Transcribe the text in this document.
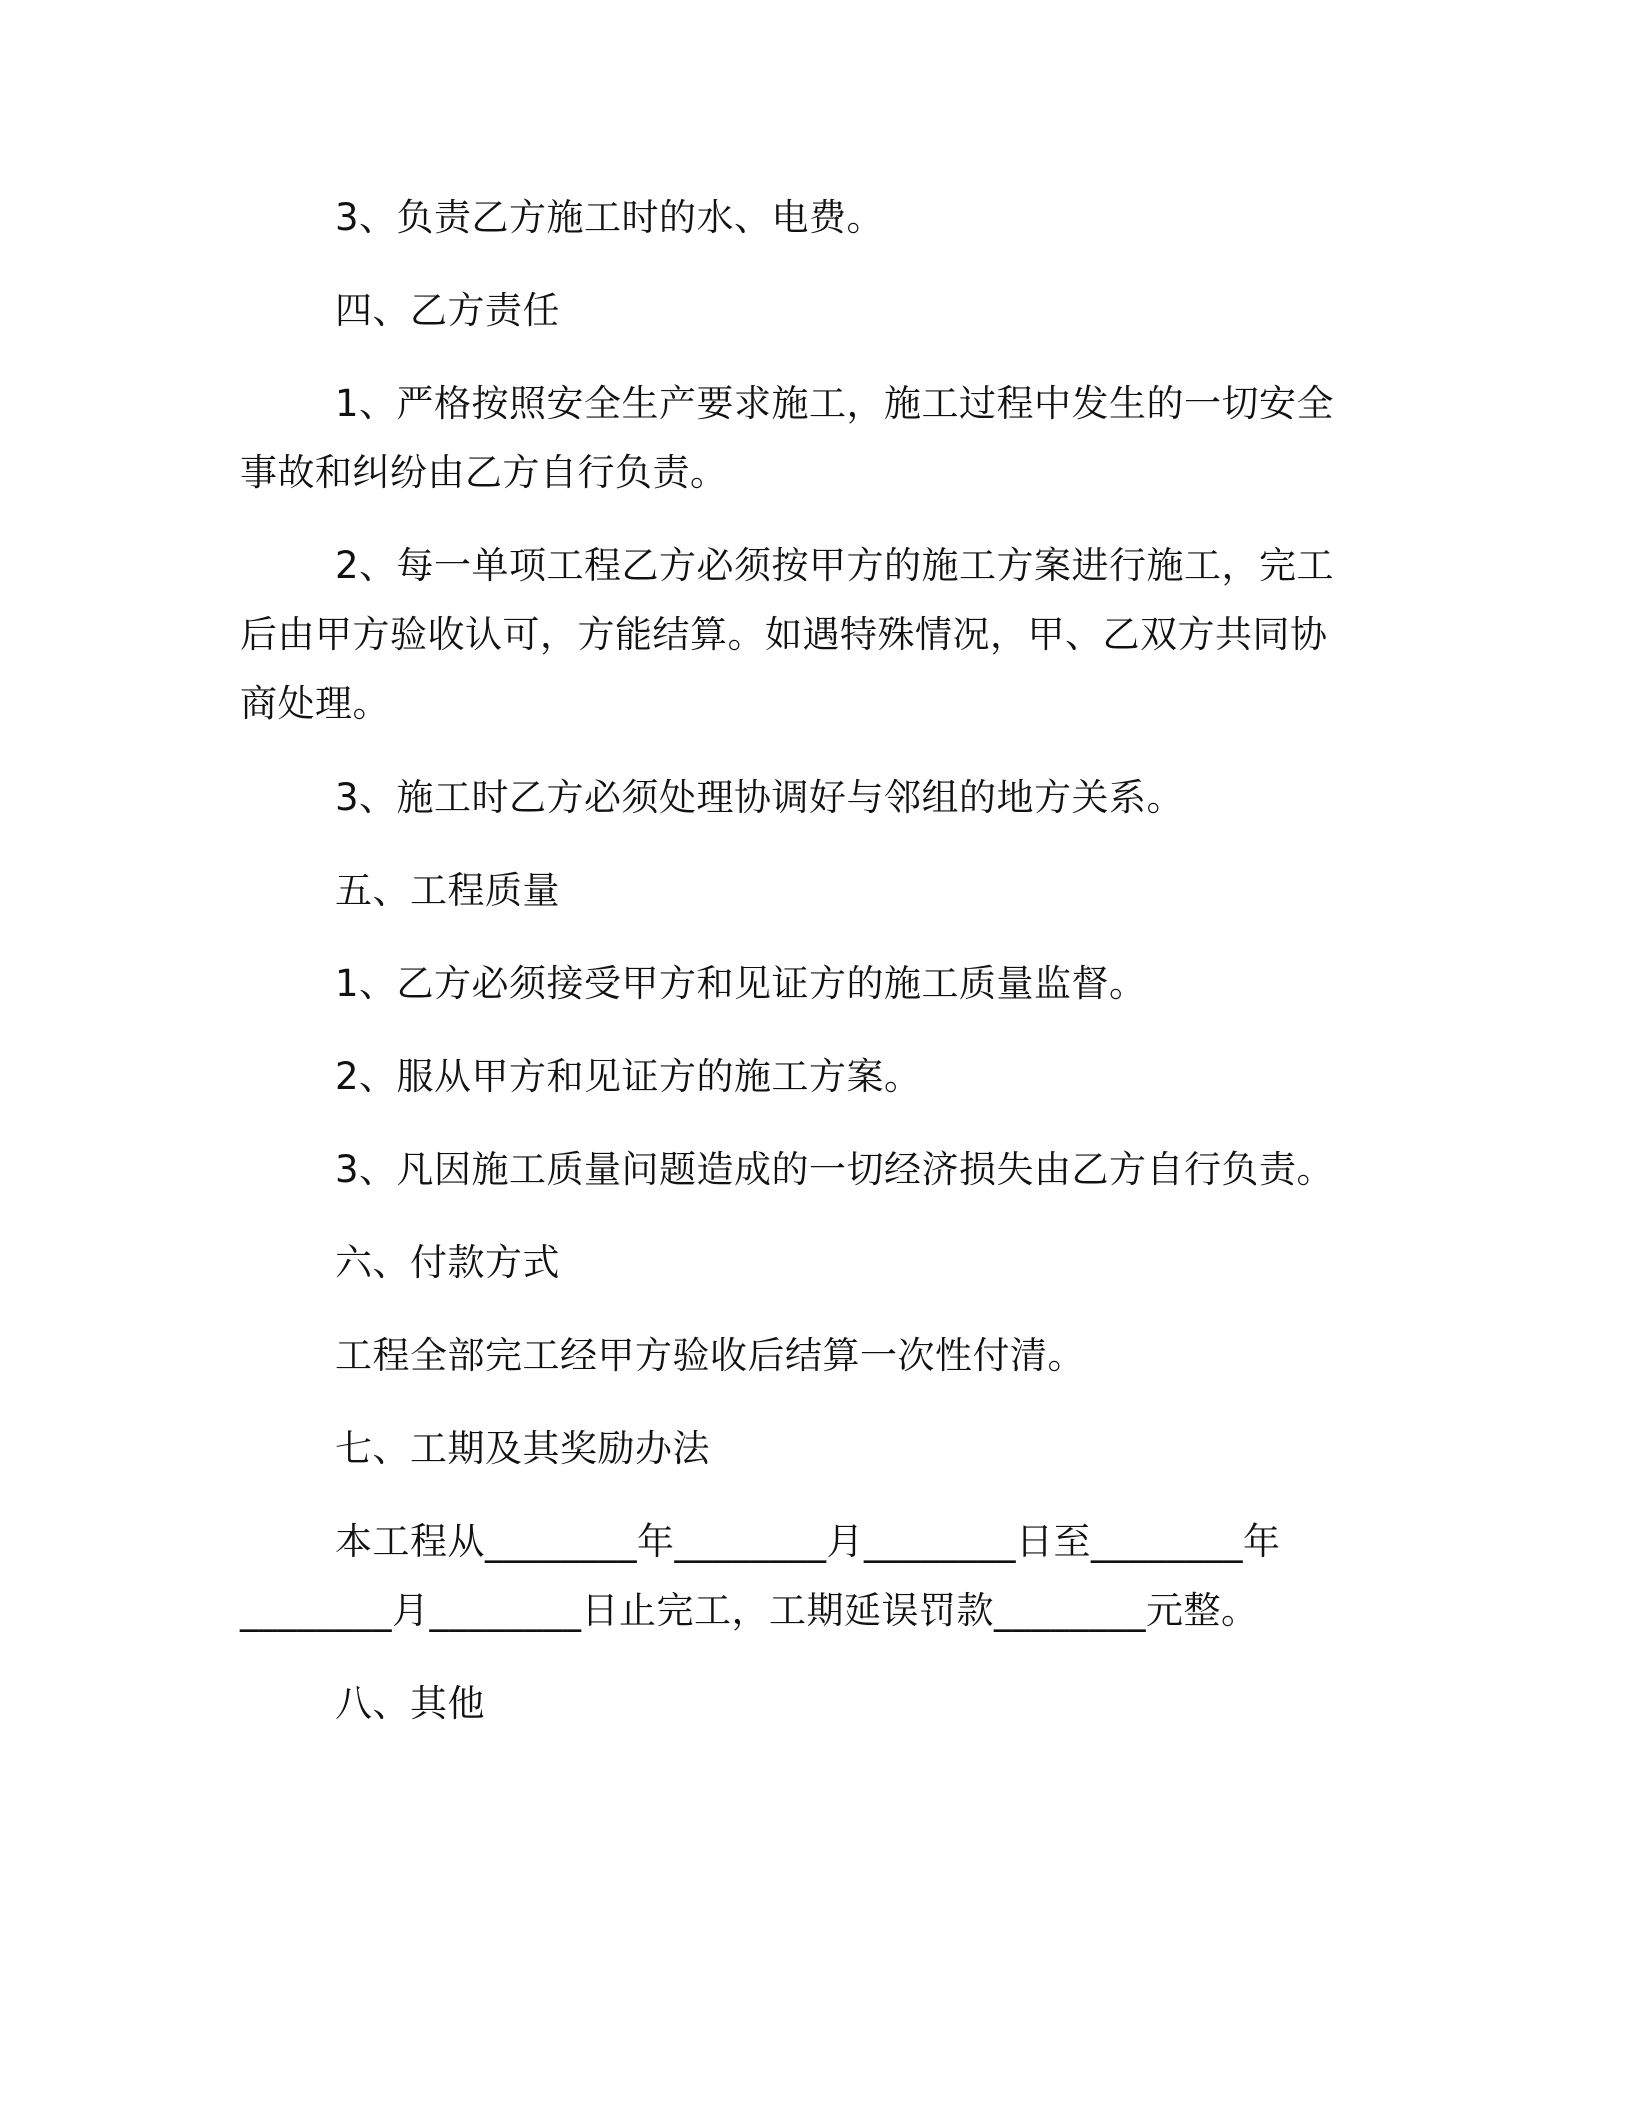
3、负责乙方施工时的水、电费。

四、乙方责任

1、严格按照安全生产要求施工，施工过程中发生的一切安全事故和纠纷由乙方自行负责。

2、每一单项工程乙方必须按甲方的施工方案进行施工，完工后由甲方验收认可，方能结算。如遇特殊情况，甲、乙双方共同协商处理。

3、施工时乙方必须处理协调好与邻组的地方关系。

五、工程质量

1、乙方必须接受甲方和见证方的施工质量监督。

2、服从甲方和见证方的施工方案。

3、凡因施工质量问题造成的一切经济损失由乙方自行负责。

六、付款方式

工程全部完工经甲方验收后结算一次性付清。

七、工期及其奖励办法

本工程从________年________月________日至________年________月________日止完工，工期延误罚款________元整。

八、其他
